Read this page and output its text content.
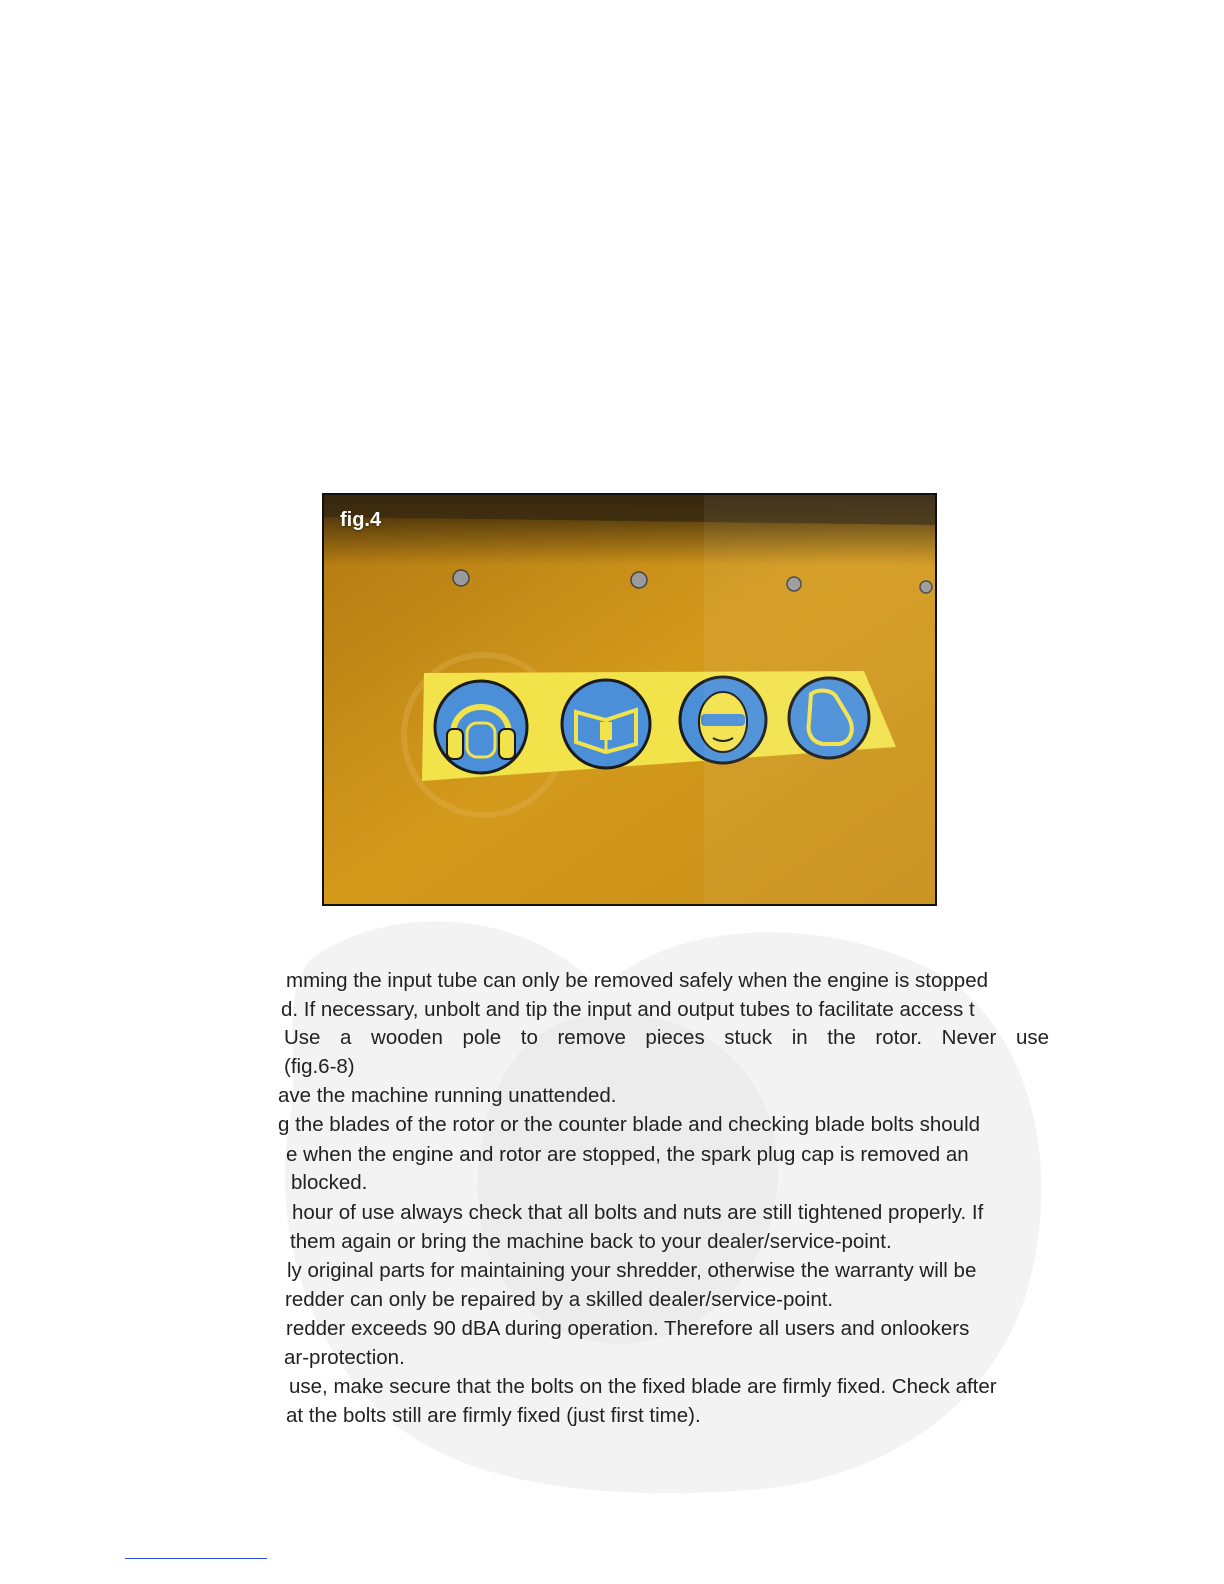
fig.4
mming the input tube can only be removed safely when the engine is stopped
d. If necessary, unbolt and tip the input and output tubes to facilitate access t
Use a wooden pole to remove pieces stuck in the rotor. Never use
(fig.6-8)
ave the machine running unattended.
g the blades of the rotor or the counter blade and checking blade bolts should
e when the engine and rotor are stopped, the spark plug cap is removed an
blocked.
hour of use always check that all bolts and nuts are still tightened properly. If
them again or bring the machine back to your dealer/service-point.
ly original parts for maintaining your shredder, otherwise the warranty will be
redder can only be repaired by a skilled dealer/service-point.
redder exceeds 90 dBA during operation. Therefore all users and onlookers
ar-protection.
use, make secure that the bolts on the fixed blade are firmly fixed. Check after
at the bolts still are firmly fixed (just first time).
